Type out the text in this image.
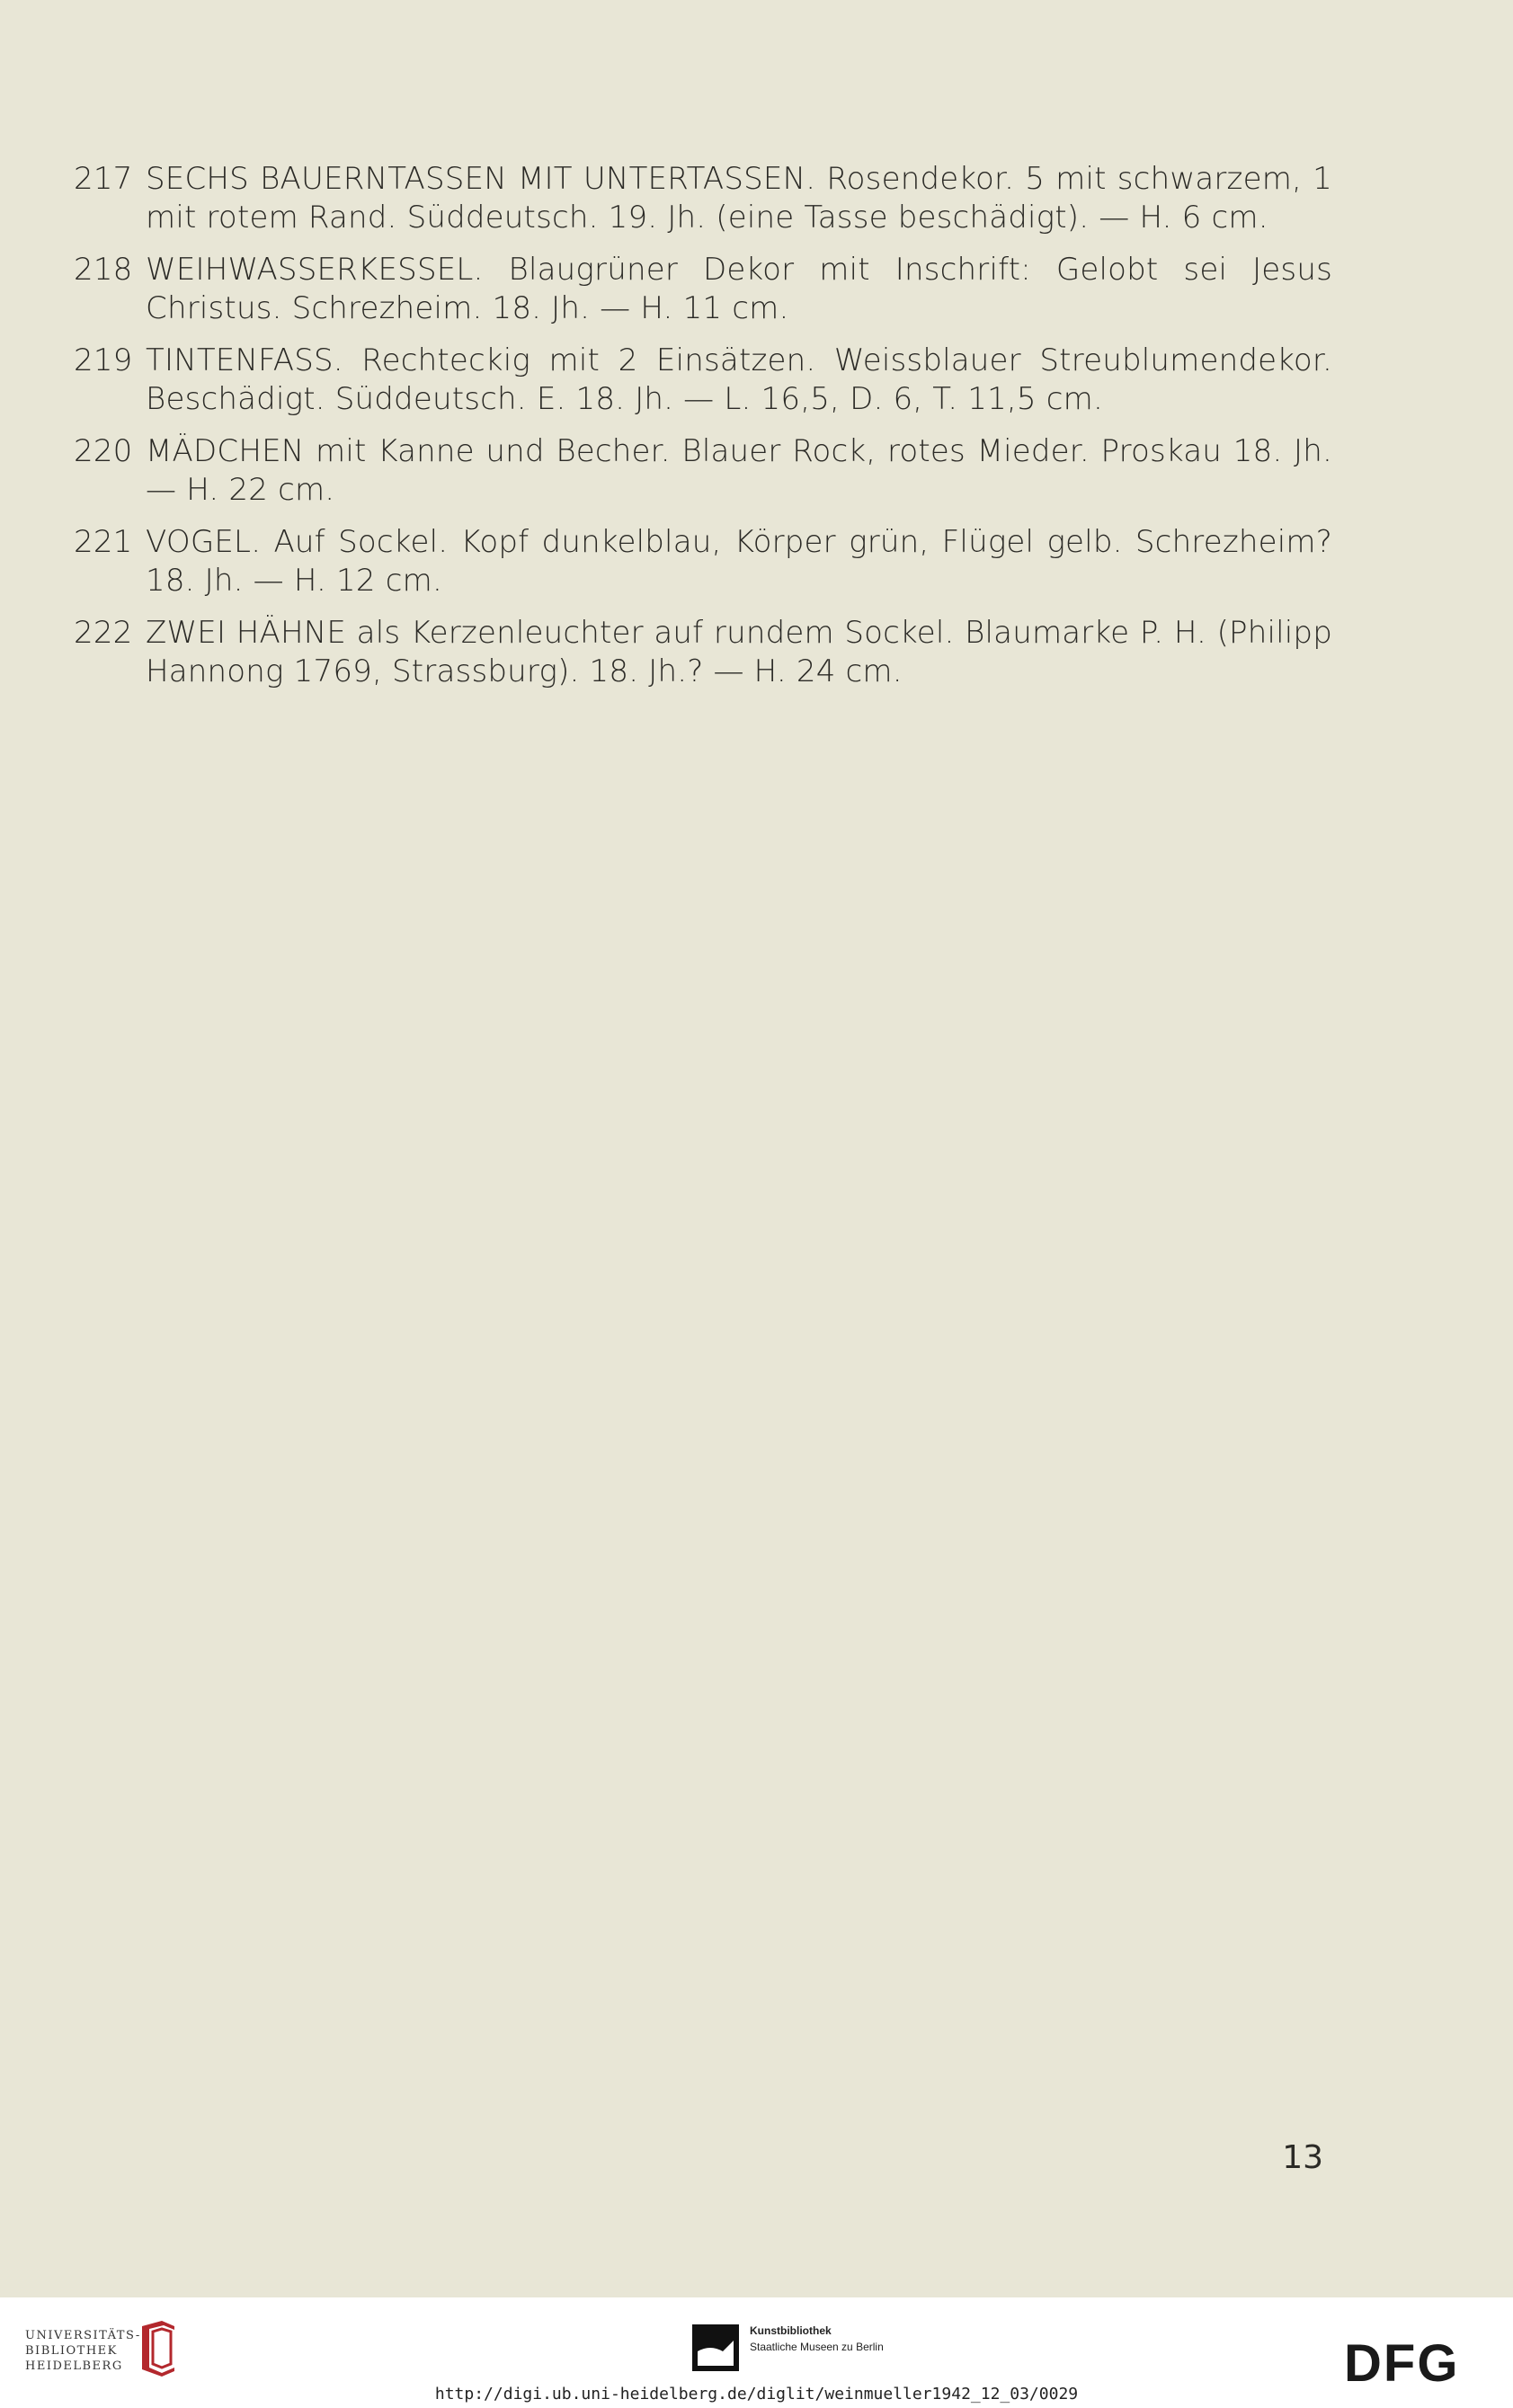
217 SECHS BAUERNTASSEN MIT UNTERTASSEN. Rosendekor. 5 mit schwarzem, 1 mit rotem Rand. Süddeutsch. 19. Jh. (eine Tasse beschädigt). — H. 6 cm.
218 WEIHWASSERKESSEL. Blaugrüner Dekor mit Inschrift: Gelobt sei Jesus Christus. Schrezheim. 18. Jh. — H. 11 cm.
219 TINTENFASS. Rechteckig mit 2 Einsätzen. Weissblauer Streublumendekor. Beschädigt. Süddeutsch. E. 18. Jh. — L. 16,5, D. 6, T. 11,5 cm.
220 MÄDCHEN mit Kanne und Becher. Blauer Rock, rotes Mieder. Proskau 18. Jh. — H. 22 cm.
221 VOGEL. Auf Sockel. Kopf dunkelblau, Körper grün, Flügel gelb. Schrezheim? 18. Jh. — H. 12 cm.
222 ZWEI HÄHNE als Kerzenleuchter auf rundem Sockel. Blaumarke P. H. (Philipp Hannong 1769, Strassburg). 18. Jh.? — H. 24 cm.
13
UNIVERSITÄTS-
BIBLIOTHEK
HEIDELBERG
Kunstbibliothek
Staatliche Museen zu Berlin	DFG
http://digi.ub.uni-heidelberg.de/diglit/weinmueller1942_12_03/0029
